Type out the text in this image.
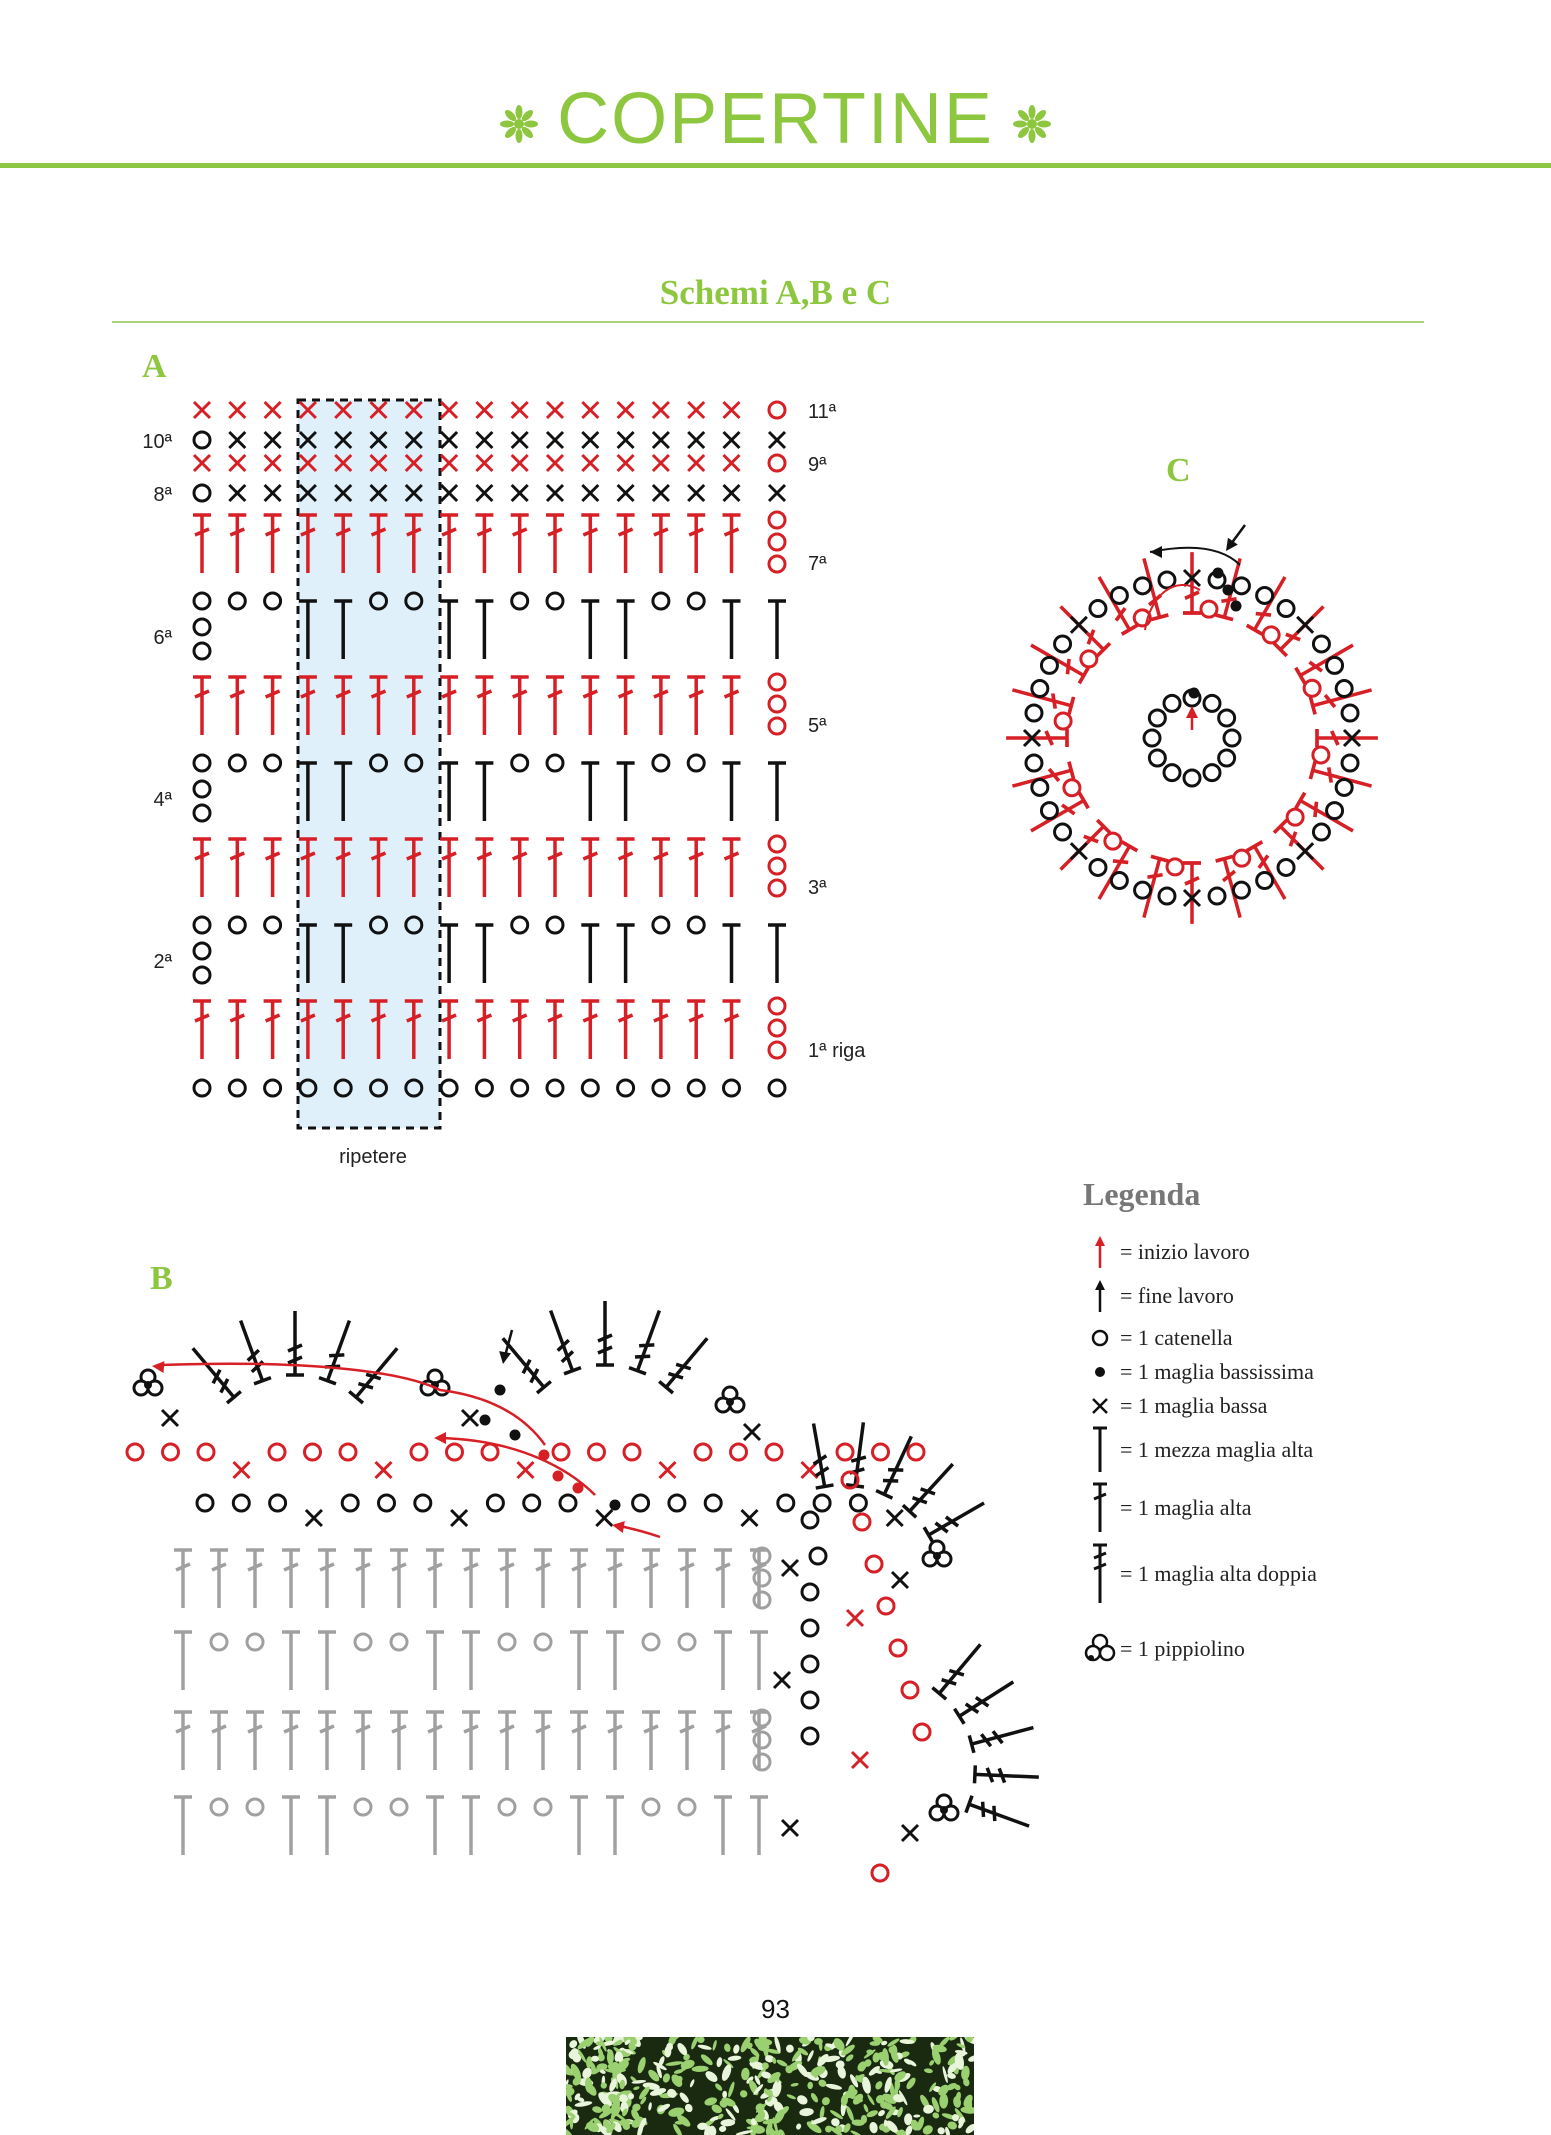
COPERTINE
Schemi A,B e C
A
C
B
10ª
8ª
6ª
4ª
2ª
11ª
9ª
7ª
5ª
3ª
1ª riga
ripetere
Legenda
= inizio lavoro
= fine lavoro
= 1 catenella
= 1 maglia bassissima
= 1 maglia bassa
= 1 mezza maglia alta
= 1 maglia alta
= 1 maglia alta doppia
= 1 pippiolino
93
